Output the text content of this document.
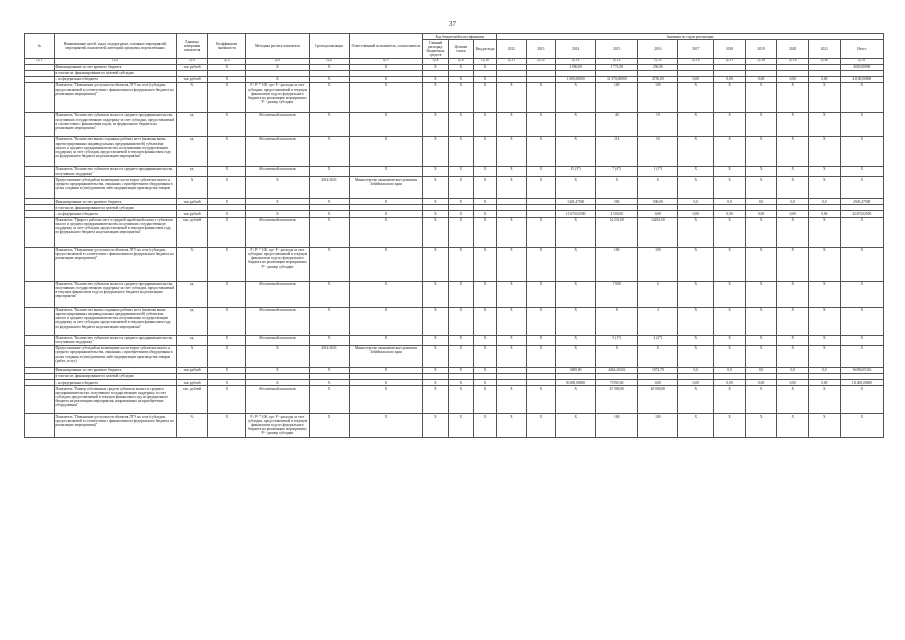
37
№	Наименование целей, задач, подпрограмм, основных мероприятий, мероприятий, показателей, категорий, программ, ведомственных	Единица измерения показателя	Коэффициент значимости	Методика расчета показателя	Сроки реализации	Ответственный исполнитель, соисполнитель	Код бюджетной классификации			Значения по годам реализации										
							Главный распоряд. бюджетных средств	Целевая статья	Вид расхода	2012	2013	2014	2015	2016	2017	2018	2019	2020	2021	Итого
гр.1	гр.2	гр.3	гр.4	гр.5	гр.6	гр.7	гр.8	гр.9	гр.10	гр.11	гр.12	гр.13	гр.14	гр.15	гр.16	гр.17	гр.18	гр.19	гр.20	гр.21
	Финансирование за счет краевого бюджета	тыс.рублей	X	X	X	X	X	X	X			3 000,00	1 771,00	250,00						4050,00000
	в том числе, финансирование по целевой субсидии																			
	– из федерального бюджета	тыс.рублей	X	X	X	X	X	X	X			1 000,00000	31 370,00000	4750,00	0,00	0,00	0,00	0,00	0,00	41100,00000
	Показатель "Повышение доступности объектов ЛТУ на селе (субсидии, предоставляемой в соответствии с финансовым из федерального бюджета на реализацию мероприятия)"	%	X	Р / Р² * 100, где: Р - расходы за счет субсидии, предоставляемой в текущем финансовом году из федерального бюджета на реализацию мероприятия; Р² - размер субсидии	X	X	X	X	X	X	X	X	100	100	X	X	X	X	X	X
	Показатель "Количество субъектов малого и среднего предпринимательства, получивших государственную поддержку за счет субсидии, предоставляемой в соответствии с финансовым годом, из федерального бюджета на реализацию мероприятия"	ед.	X	Абсолютный показатель	X	X	X	X	X	X	X	X	40	19	X	X	X	X	X	X
	Показатель "Количество вновь созданных рабочих мест (включая вновь зарегистрированных индивидуальных предпринимателей) субъектами малого и среднего предпринимательства, получившими государственную поддержку за счет субсидии, предоставляемой в текущем финансовом году из федерального бюджета на реализацию мероприятия"	ед.	X	Абсолютный показатель	X	X	X	X	X	X	X	X	114	50	X	X	X	X	X	X
	Показатель "Количество субъектов малого и среднего предпринимательства, получивших поддержку"	ед.	X	Абсолютный показатель	X	X	X	X	X	X	X	15 (3*)	7 (4*)	1 (1*)	X	X	X	X	X	X
	Предоставление субсидий на возмещение части затрат субъектам малого и среднего предпринимательства, связанных с приобретением оборудования в целях создания и (или) развития либо модернизации производства товаров	X	X	X	2014-2021	Министерство экономического развития Забайкальского края	X	X	X	X	X	X	X	X	X	X	X	X	X	X
	Финансирование за счет краевого бюджета	тыс.рублей	X	X	X	X	X	X	X			1445,47500	500	500,00	0,0	0,0	0,0	0,0	0,0	2945,47500
	в том числе, финансирование по целевой субсидии																			
	– из федерального бюджета	тыс.рублей	X	X	X	X	X	X	X			11 670,02500	4 500,00	0,00	0,00	0,00	0,00	0,00	0,00	32470,02500
	Показатель "Прирост рабочих мест и средней заработной платы у субъектов малого и среднего предпринимательства, получивших государственную поддержку за счет субсидии, предоставляемой в текущем финансовом году из федерального бюджета на реализацию мероприятия"	тыс. рублей	X	Абсолютный показатель	X	X	X	X	X	X	X	X	14 231,00	14234,00	X	X	X	X	X	X
	Показатель "Повышение доступности объектов ЛТУ на селе (субсидии, предоставляемой в соответствии с финансовым из федерального бюджета на реализацию мероприятия)"	%	X	Р / Р² * 100, где: Р - расходы за счет субсидии, предоставляемой в текущем финансовом году из федерального бюджета на реализацию мероприятия; Р² - размер субсидии	X	X	X	X	X	X	X	X	100	100	X	X	X	X	X	X
	Показатель "Количество субъектов малого и среднего предпринимательства, получивших государственную поддержку за счет субсидии, предоставляемой в текущем финансовом году из федерального бюджета на реализацию мероприятия"	ед.	X	Абсолютный показатель	X	X	X	X	X	X	X	X	7 000	6	X	X	X	X	X	X
	Показатель "Количество вновь созданных рабочих мест (включая вновь зарегистрированных индивидуальных предпринимателей) субъектами малого и среднего предпринимательства, получившими государственную поддержку за счет субсидии, предоставляемой в текущем финансовом году из федерального бюджета на реализацию мероприятия"	ед.	X	Абсолютный показатель	X	X	X	X	X	X	X	X	8	3	X	X	X	X	X	X
	Показатель "Количество субъектов малого и среднего предпринимательства, получивших поддержку"	ед.	X	Абсолютный показатель	X	X	X	X	X	X	X	X	5 (1*)	2 (2*)	X	X	X	X	X	X
	Предоставление субсидий на возмещение части затрат субъектам малого и среднего предпринимательства, связанных с приобретением оборудования в целях создания и (или) развития либо модернизации производства товаров (работ, услуг)	X	X	X	2014-2021	Министерство экономического развития Забайкальского края	X	X	X	X	X	X	X	X	X	X	X	X	X	X
	Финансирование за счет краевого бюджета	тыс.рублей	X	X	X	X	X	X	X			3000,00	4462,20316	1073,79	0,0	0,0	0,0	0,0	0,0	16396,05316
	в том числе, финансирование по целевой субсидии																			
	– из федерального бюджета	тыс.рублей	X	X	X	X	X	X	X			81000,00000	75700,00	0,00	0,00	0,00	0,00	0,00	0,00	111400,00000
	Показатель "Размер собственных средств субъектов малого и среднего предпринимательства, получивших государственную поддержку за счет субсидии, предоставляемой в текущем финансовом году из федерального бюджета на реализацию мероприятия, направленных на приобретение оборудования"	тыс. рублей	X	Абсолютный показатель	X	X	X	X	X	X	X	X	47 000,00	40 000,00	X	X	X	X	X	X
	Показатель "Повышение доступности объектов ЛТУ на селе (субсидии, предоставляемой в соответствии с финансовым из федерального бюджета на реализацию мероприятия)"	%	X	Р / Р² * 100, где: Р - расходы за счет субсидии, предоставляемой в текущем финансовом году из федерального бюджета на реализацию мероприятия; Р² - размер субсидии	X	X	X	X	X	X	X	X	100	100	X	X	X	X	X	X
